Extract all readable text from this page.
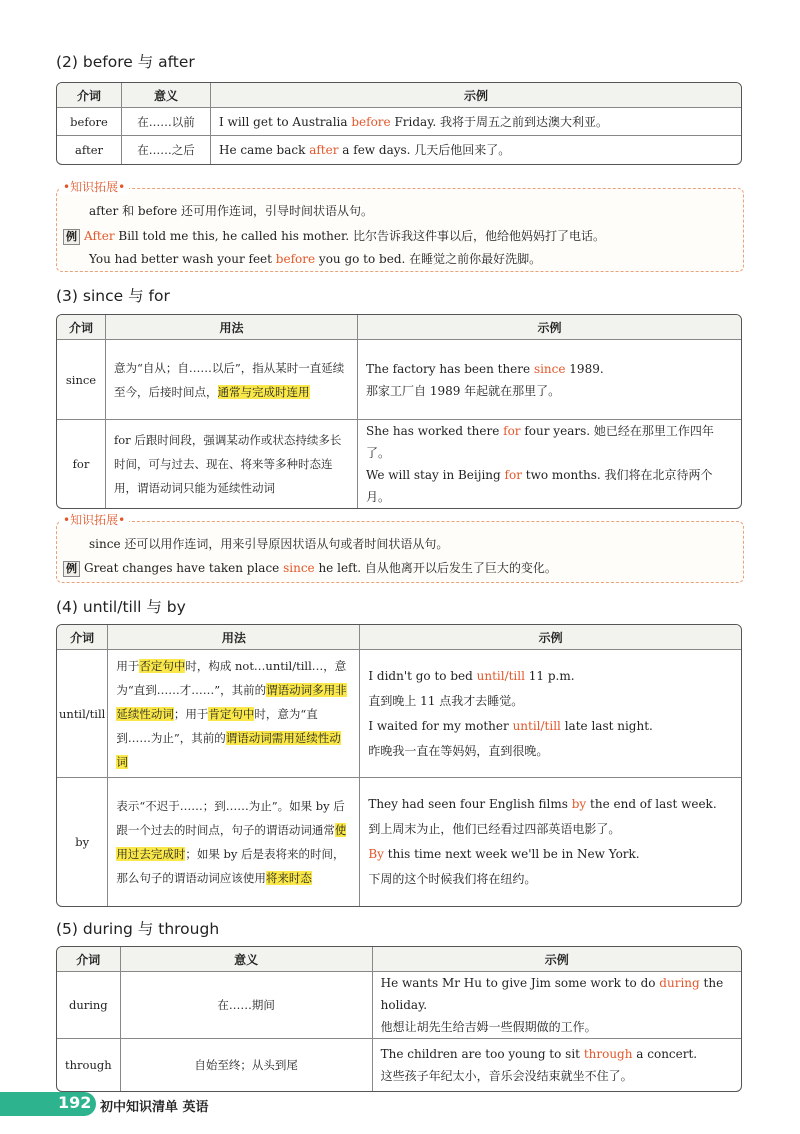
(2) before 与 after
介词	意义	示例
before	在……以前	I will get to Australia before Friday. 我将于周五之前到达澳大利亚。
after	在……之后	He came back after a few days. 几天后他回来了。
•知识拓展•
after 和 before 还可用作连词，引导时间状语从句。
例 After Bill told me this, he called his mother. 比尔告诉我这件事以后，他给他妈妈打了电话。
You had better wash your feet before you go to bed. 在睡觉之前你最好洗脚。
(3) since 与 for
介词	用法	示例
since	意为“自从；自……以后”，指从某时一直延续至今，后接时间点，通常与完成时连用	The factory has been there since 1989.
那家工厂自 1989 年起就在那里了。

for	for 后跟时间段，强调某动作或状态持续多长时间，可与过去、现在、将来等多种时态连用，谓语动词只能为延续性动词	She has worked there for four years. 她已经在那里工作四年了。
We will stay in Beijing for two months. 我们将在北京待两个月。
•知识拓展•
since 还可以用作连词，用来引导原因状语从句或者时间状语从句。
例 Great changes have taken place since he left. 自从他离开以后发生了巨大的变化。
(4) until/till 与 by
介词	用法	示例
until/till	用于否定句中时，构成 not…until/till…，意为“直到……才……”，其前的谓语动词多用非延续性动词；用于肯定句中时，意为“直到……为止”，其前的谓语动词需用延续性动词	I didn't go to bed until/till 11 p.m.
直到晚上 11 点我才去睡觉。
I waited for my mother until/till late last night.
昨晚我一直在等妈妈，直到很晚。

by	表示“不迟于……；到……为止”。如果 by 后跟一个过去的时间点，句子的谓语动词通常使用过去完成时；如果 by 后是表将来的时间，那么句子的谓语动词应该使用将来时态	They had seen four English films by the end of last week.
到上周末为止，他们已经看过四部英语电影了。
By this time next week we'll be in New York.
下周的这个时候我们将在纽约。
(5) during 与 through
介词	意义	示例
during	在……期间	He wants Mr Hu to give Jim some work to do during the holiday.
他想让胡先生给吉姆一些假期做的工作。

through	自始至终；从头到尾	The children are too young to sit through a concert.
这些孩子年纪太小，音乐会没结束就坐不住了。
192 初中知识清单 英语
